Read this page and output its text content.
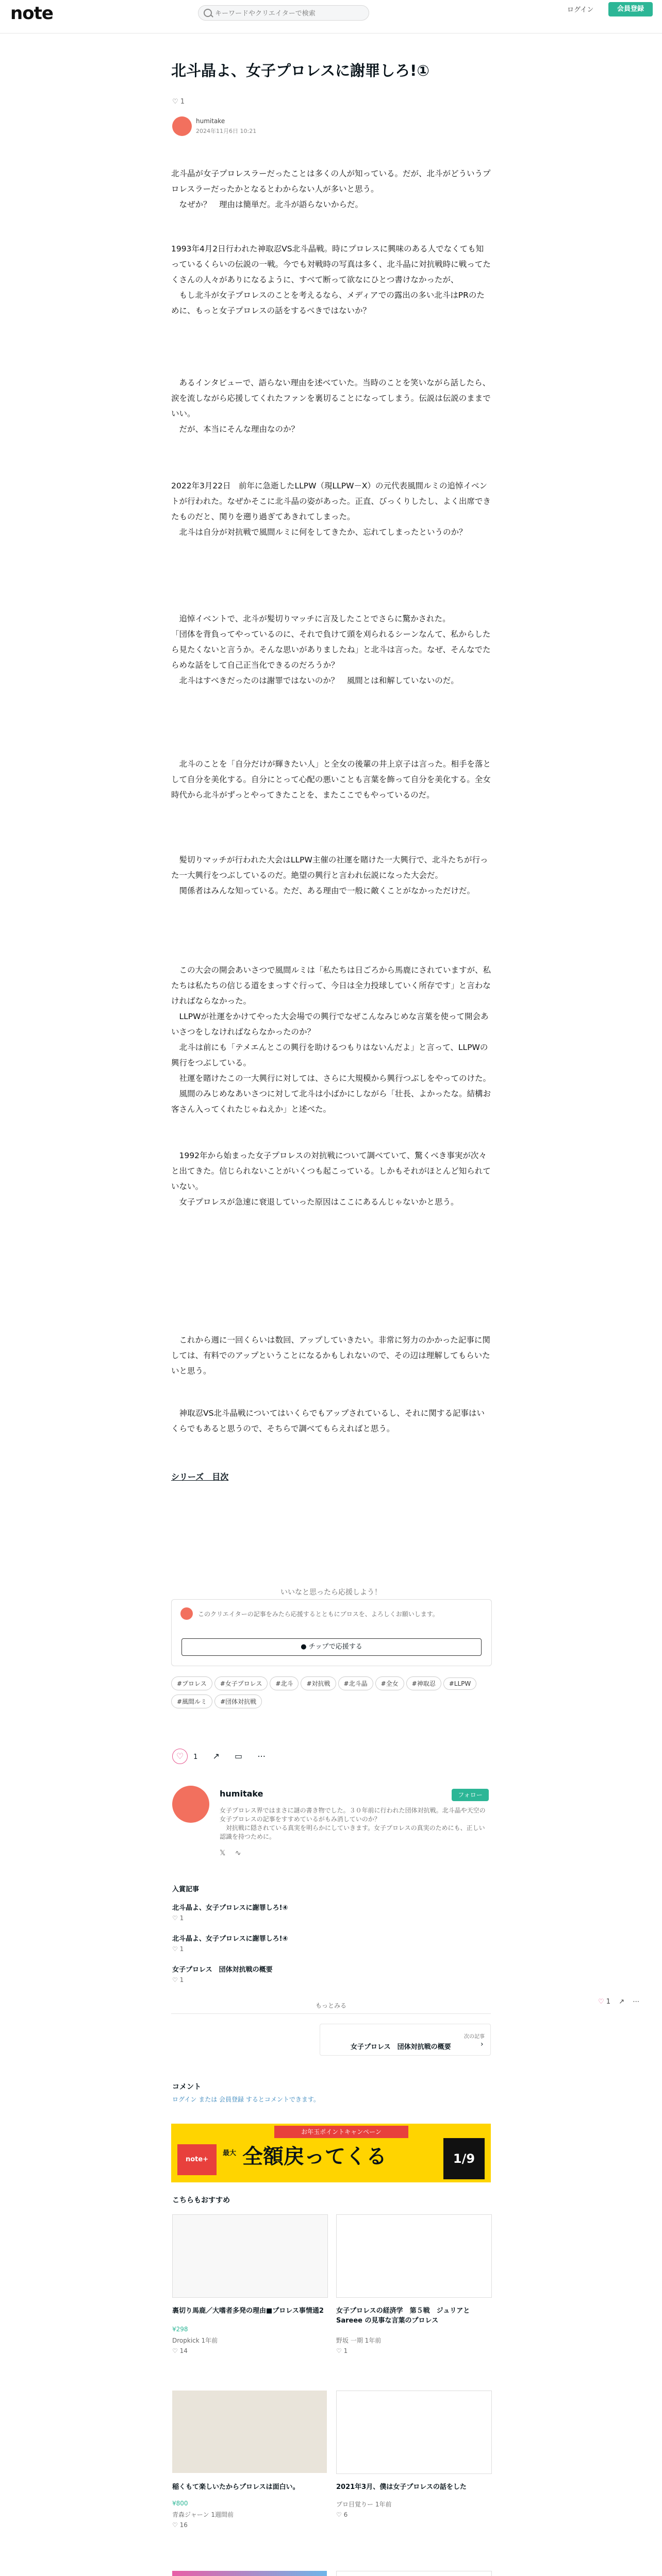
note
キーワードやクリエイターで検索	ログイン	会員登録
北斗晶よ、女子プロレスに謝罪しろ!①
♡ 1
humitake
2024年11月6日 10:21
北斗晶が女子プロレスラーだったことは多くの人が知っている。だが、北斗がどういうプロレスラーだったかとなるとわからない人が多いと思う。
　なぜか？　理由は簡単だ。北斗が語らないからだ。
1993年4月2日行われた神取忍VS北斗晶戦。時にプロレスに興味のある人でなくても知っているくらいの伝説の一戦。今でも対戦時の写真は多く、北斗晶に対抗戦時に戦ってたくさんの人々がありになるように、すべて断って欲なにひとつ書けなかったが、
　もし北斗が女子プロレスのことを考えるなら、メディアでの露出の多い北斗はPRのために、もっと女子プロレスの話をするべきではないか？
　あるインタビューで、語らない理由を述べていた。当時のことを笑いながら話したら、涙を流しながら応援してくれたファンを裏切ることになってしまう。伝説は伝説のままでいい。
　だが、本当にそんな理由なのか？
2022年3月22日　前年に急逝したLLPW（現LLPW－X）の元代表風間ルミの追悼イベントが行われた。なぜかそこに北斗晶の姿があった。正直、びっくりしたし、よく出席できたものだと、関りを遡り過ぎてあきれてしまった。
　北斗は自分が対抗戦で風間ルミに何をしてきたか、忘れてしまったというのか？
　追悼イベントで、北斗が髪切りマッチに言及したことでさらに驚かされた。
「団体を背負ってやっているのに、それで負けて頭を刈られるシーンなんて、私からしたら見たくないと言うか。そんな思いがありましたね」と北斗は言った。なぜ、そんなでたらめな話をして自己正当化できるのだろうか？
　北斗はすべきだったのは謝罪ではないのか？　風間とは和解していないのだ。
　北斗のことを「自分だけが輝きたい人」と全女の後輩の井上京子は言った。相手を落として自分を美化する。自分にとって心配の悪いことも言葉を飾って自分を美化する。全女時代から北斗がずっとやってきたことを、またここでもやっているのだ。
　髪切りマッチが行われた大会はLLPW主催の社運を賭けた一大興行で、北斗たちが行った一大興行をつぶしているのだ。絶望の興行と言われ伝説になった大会だ。
　関係者はみんな知っている。ただ、ある理由で一般に敵くことがなかっただけだ。
　この大会の開会あいさつで風間ルミは「私たちは日ごろから馬鹿にされていますが、私たちは私たちの信じる道をまっすぐ行って、今日は全力投球していく所存です」と言わなければならなかった。
　LLPWが社運をかけてやった大会場での興行でなぜこんなみじめな言葉を使って開会あいさつをしなければならなかったのか？
　北斗は前にも「テメエんとこの興行を助けるつもりはないんだよ」と言って、LLPWの興行をつぶしている。
　社運を賭けたこの一大興行に対しては、さらに大規模から興行つぶしをやってのけた。
　風間のみじめなあいさつに対して北斗は小ばかにしながら「壮長、よかったな。結構お客さん入ってくれたじゃねえか」と述べた。
　1992年から始まった女子プロレスの対抗戦について調べていて、驚くべき事実が次々と出てきた。信じられないことがいくつも起こっている。しかもそれがほとんど知られていない。
　女子プロレスが急速に衰退していった原因はここにあるんじゃないかと思う。
　これから週に一回くらいは数回、アップしていきたい。非常に努力のかかった記事に関しては、有料でのアップということになるかもしれないので、その辺は理解してもらいたいと思う。
　神取忍VS北斗晶戦についてはいくらでもアップされているし、それに関する記事はいくらでもあると思うので、そちらで調べてもらえればと思う。
シリーズ　目次
いいなと思ったら応援しよう！
このクリエイターの記事をみたら応援するとともにブロスを、よろしくお願いします。
● チップで応援する
#プロレス #女子プロレス #北斗 #対抗戦 #北斗晶 #全女 #神取忍 #LLPW#風間ルミ #団体対抗戦
♡ 1 ↗ ▭ ⋯
humitake	フォロー
女子プロレス界ではまさに謎の書き物でした。３０年前に行われた団体対抗戦。北斗晶や天空の女子プロレスの記事をすすめているがもみ消していのか？
　対抗戦に隠されている真実を明らかにしていきます。女子プロレスの真実のためにも、正しい認識を持つために。
𝕏 　∿
入賞記事
北斗晶よ、女子プロレスに謝罪しろ!④
♡ 1
北斗晶よ、女子プロレスに謝罪しろ!④
♡ 1
女子プロレス　団体対抗戦の概要
♡ 1
もっとみる
次の記事
女子プロレス　団体対抗戦の概要	›
コメント
ログイン または 会員登録 するとコメントできます。
お年玉ポイントキャンペーン
note+
最大 全額戻ってくる	1/9
こちらもおすすめ
裏切り馬鹿／大嗜者多発の理由■プロレス事情通2
¥298
Dropkick 1年前
♡ 14
女子プロレスの経済学　第５戦　ジュリアとSareee の見事な言葉のプロレス
野坂 一期 1年前
♡ 1
稲くもて楽しいたからプロレスは面白い。
¥800
青森ジャーン 1週間前
♡ 16
2021年3月、僕は女子プロレスの話をした
プロ目覚りー 1年前
♡ 6
♡ 1 ↗ ⋯
